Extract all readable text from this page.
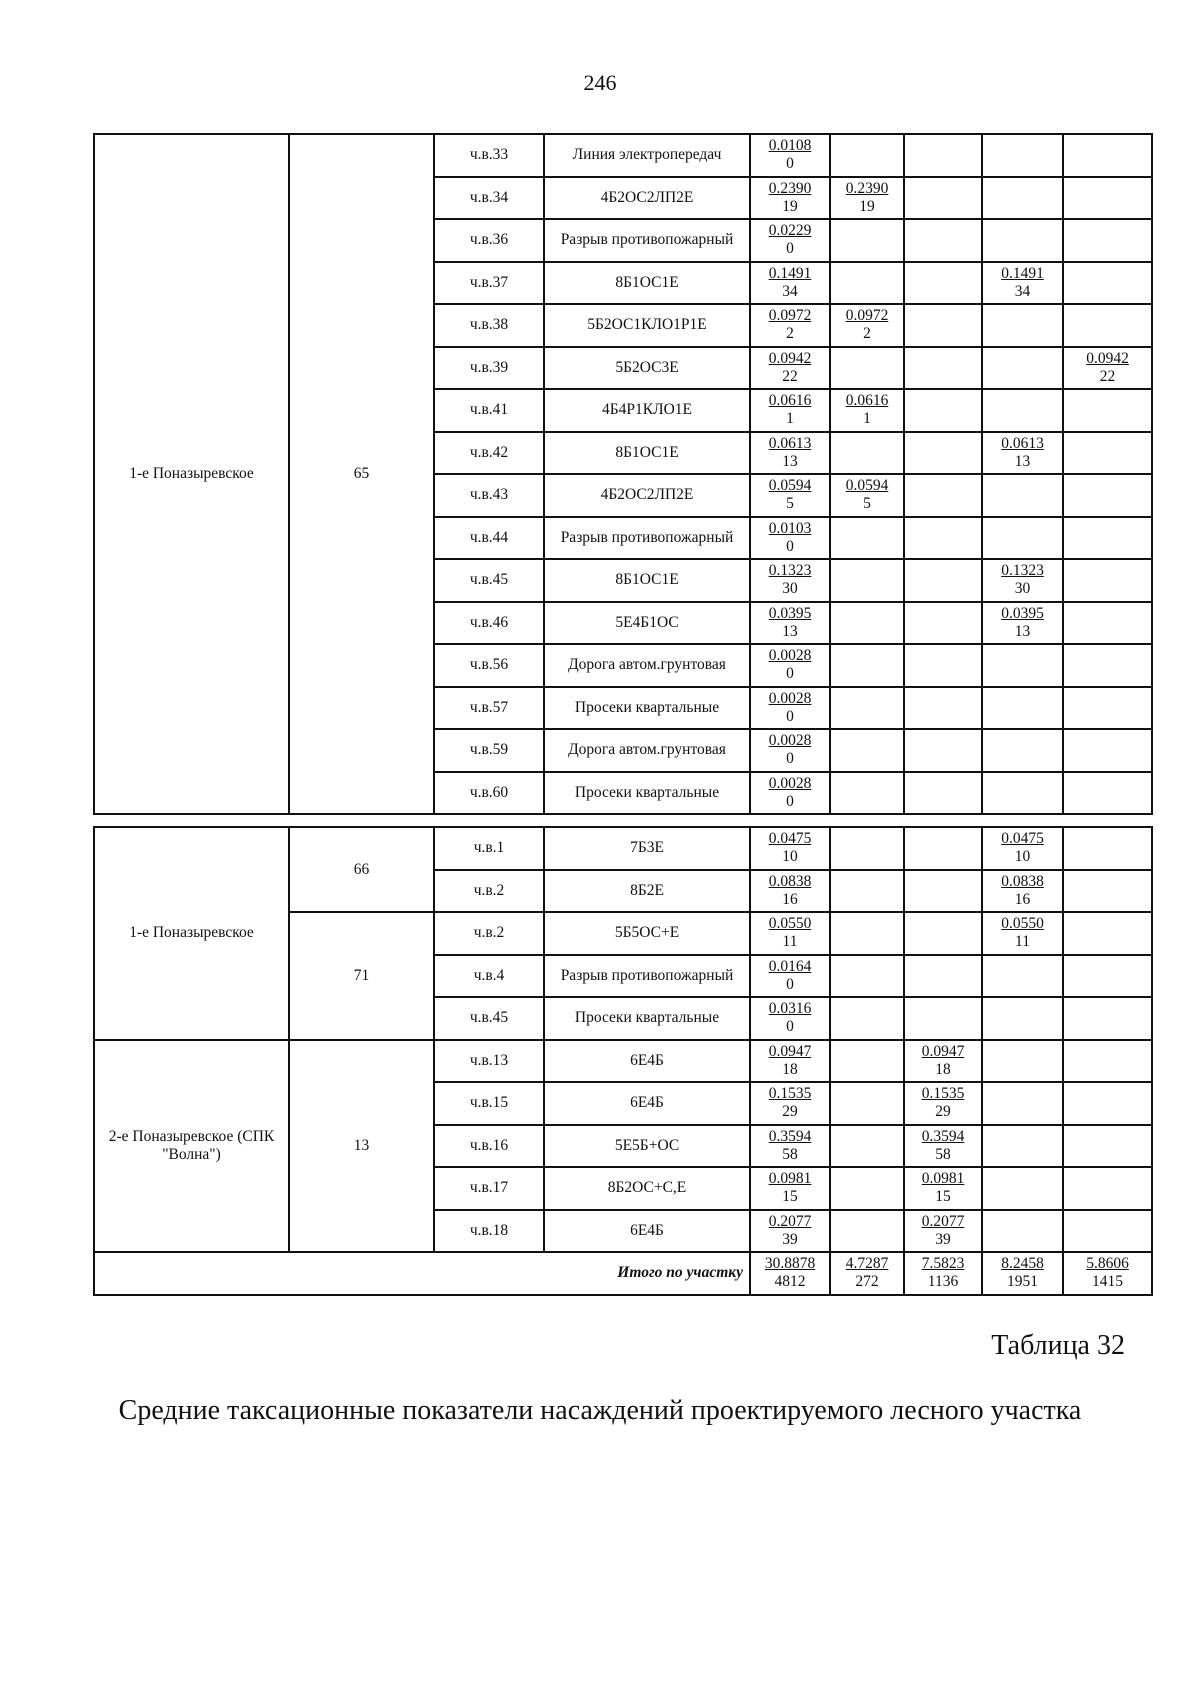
246
1-е Поназыревское	65	ч.в.33	Линия электропередач	$\frac{0.0108}{0}$

		ч.в.34	4Б2ОС2ЛП2Е	$\frac{0.2390}{19}$	$\frac{0.2390}{19}$

		ч.в.36	Разрыв противопожарный	$\frac{0.0229}{0}$

		ч.в.37	8Б1ОС1Е	$\frac{0.1491}{34}$			$\frac{0.1491}{34}$

		ч.в.38	5Б2ОС1КЛО1Р1Е	$\frac{0.0972}{2}$	$\frac{0.0972}{2}$

		ч.в.39	5Б2ОС3Е	$\frac{0.0942}{22}$				$\frac{0.0942}{22}$

		ч.в.41	4Б4Р1КЛО1Е	$\frac{0.0616}{1}$	$\frac{0.0616}{1}$

		ч.в.42	8Б1ОС1Е	$\frac{0.0613}{13}$			$\frac{0.0613}{13}$

		ч.в.43	4Б2ОС2ЛП2Е	$\frac{0.0594}{5}$	$\frac{0.0594}{5}$

		ч.в.44	Разрыв противопожарный	$\frac{0.0103}{0}$

		ч.в.45	8Б1ОС1Е	$\frac{0.1323}{30}$			$\frac{0.1323}{30}$

		ч.в.46	5Е4Б1ОС	$\frac{0.0395}{13}$			$\frac{0.0395}{13}$

		ч.в.56	Дорога автом.грунтовая	$\frac{0.0028}{0}$

		ч.в.57	Просеки квартальные	$\frac{0.0028}{0}$

		ч.в.59	Дорога автом.грунтовая	$\frac{0.0028}{0}$

		ч.в.60	Просеки квартальные	$\frac{0.0028}{0}$

1-е Поназыревское	66	ч.в.1	7Б3Е	$\frac{0.0475}{10}$			$\frac{0.0475}{10}$

		ч.в.2	8Б2Е	$\frac{0.0838}{16}$			$\frac{0.0838}{16}$

	71	ч.в.2	5Б5ОС+Е	$\frac{0.0550}{11}$			$\frac{0.0550}{11}$

		ч.в.4	Разрыв противопожарный	$\frac{0.0164}{0}$

		ч.в.45	Просеки квартальные	$\frac{0.0316}{0}$

2-е Поназыревское (СПК "Волна")	13	ч.в.13	6Е4Б	$\frac{0.0947}{18}$		$\frac{0.0947}{18}$

		ч.в.15	6Е4Б	$\frac{0.1535}{29}$		$\frac{0.1535}{29}$

		ч.в.16	5Е5Б+ОС	$\frac{0.3594}{58}$		$\frac{0.3594}{58}$

		ч.в.17	8Б2ОС+С,Е	$\frac{0.0981}{15}$		$\frac{0.0981}{15}$

		ч.в.18	6Е4Б	$\frac{0.2077}{39}$		$\frac{0.2077}{39}$

Итого по участку				$\frac{30.8878}{4812}$	$\frac{4.7287}{272}$	$\frac{7.5823}{1136}$	$\frac{8.2458}{1951}$	$\frac{5.8606}{1415}$
Таблица 32
Средние таксационные показатели насаждений проектируемого лесного участка
